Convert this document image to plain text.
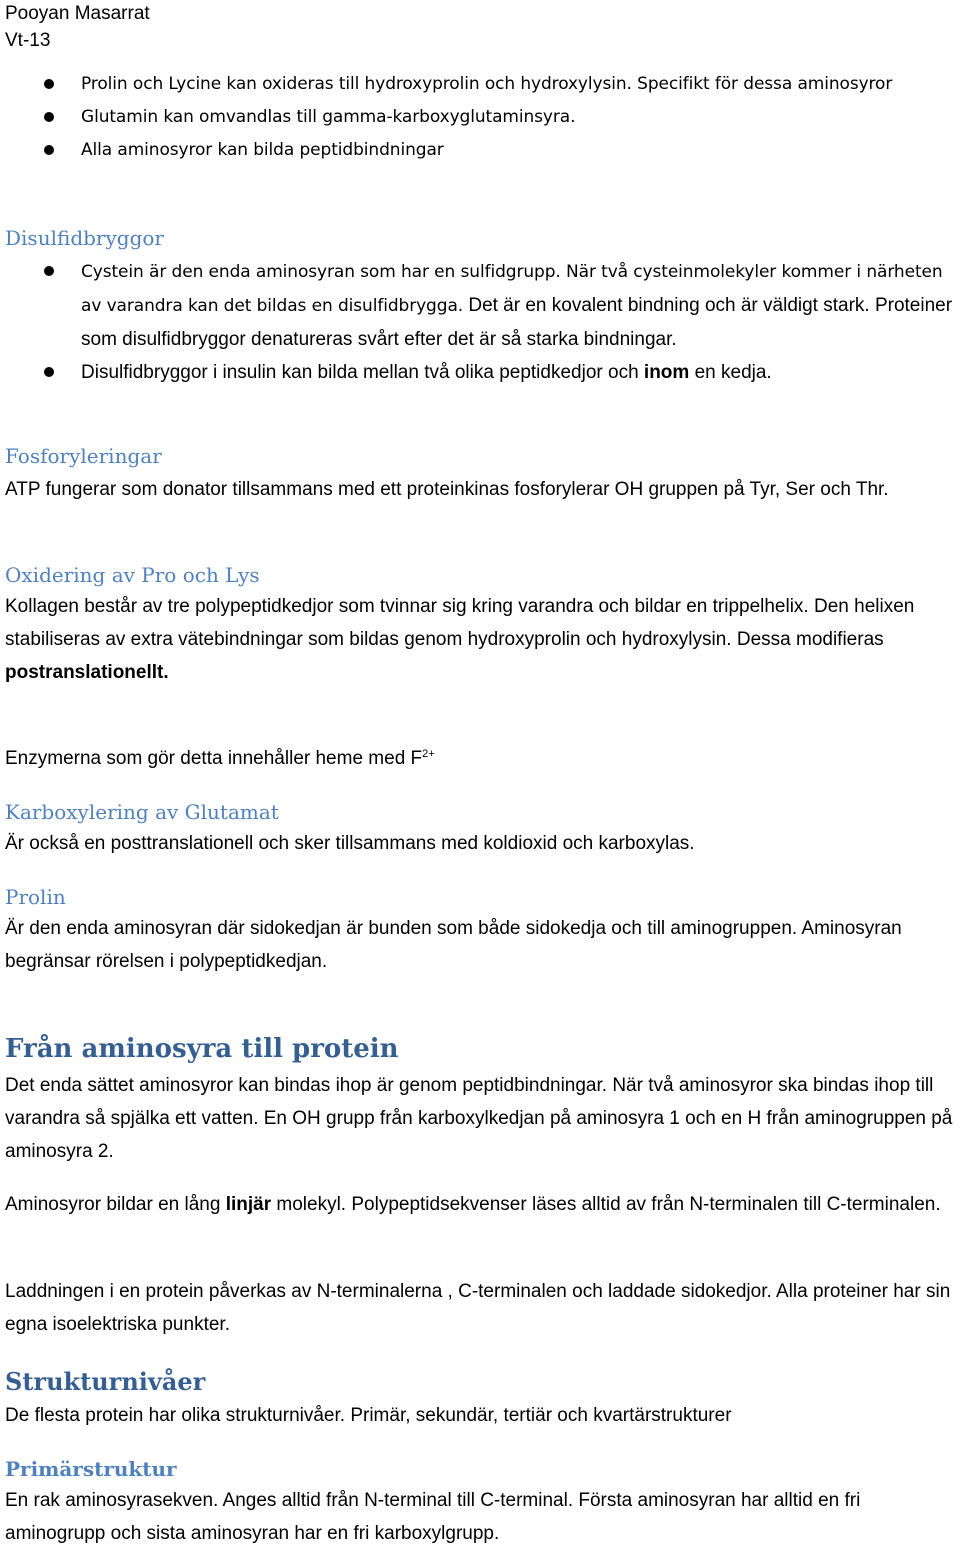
Pooyan Masarrat
Vt-13
Prolin och Lycine kan oxideras till hydroxyprolin och hydroxylysin. Specifikt för dessa aminosyror
Glutamin kan omvandlas till gamma-karboxyglutaminsyra.
Alla aminosyror kan bilda peptidbindningar
Disulfidbryggor
Cystein är den enda aminosyran som har en sulfidgrupp. När två cysteinmolekyler kommer i närheten av varandra kan det bildas en disulfidbrygga. Det är en kovalent bindning och är väldigt stark. Proteiner som disulfidbryggor denatureras svårt efter det är så starka bindningar.
Disulfidbryggor i insulin kan bilda mellan två olika peptidkedjor och inom en kedja.
Fosforyleringar
ATP fungerar som donator tillsammans med ett proteinkinas fosforylerar OH gruppen på Tyr, Ser och Thr.
Oxidering av Pro och Lys
Kollagen består av tre polypeptidkedjor som tvinnar sig kring varandra och bildar en trippelhelix. Den helixen stabiliseras av extra vätebindningar som bildas genom hydroxyprolin och hydroxylysin. Dessa modifieras postranslationellt.
Enzymerna som gör detta innehåller heme med $F^{2+}$
Karboxylering av Glutamat
Är också en posttranslationell och sker tillsammans med koldioxid och karboxylas.
Prolin
Är den enda aminosyran där sidokedjan är bunden som både sidokedja och till aminogruppen. Aminosyran begränsar rörelsen i polypeptidkedjan.
Från aminosyra till protein
Det enda sättet aminosyror kan bindas ihop är genom peptidbindningar. När två aminosyror ska bindas ihop till varandra så spjälka ett vatten. En OH grupp från karboxylkedjan på aminosyra 1 och en H från aminogruppen på aminosyra 2.
Aminosyror bildar en lång linjär molekyl. Polypeptidsekvenser läses alltid av från N-terminalen till C-terminalen.
Laddningen i en protein påverkas av N-terminalerna , C-terminalen och laddade sidokedjor. Alla proteiner har sin egna isoelektriska punkter.
Strukturnivåer
De flesta protein har olika strukturnivåer. Primär, sekundär, tertiär och kvartärstrukturer
Primärstruktur
En rak aminosyrasekven. Anges alltid från N-terminal till C-terminal. Första aminosyran har alltid en fri aminogrupp och sista aminosyran har en fri karboxylgrupp.
